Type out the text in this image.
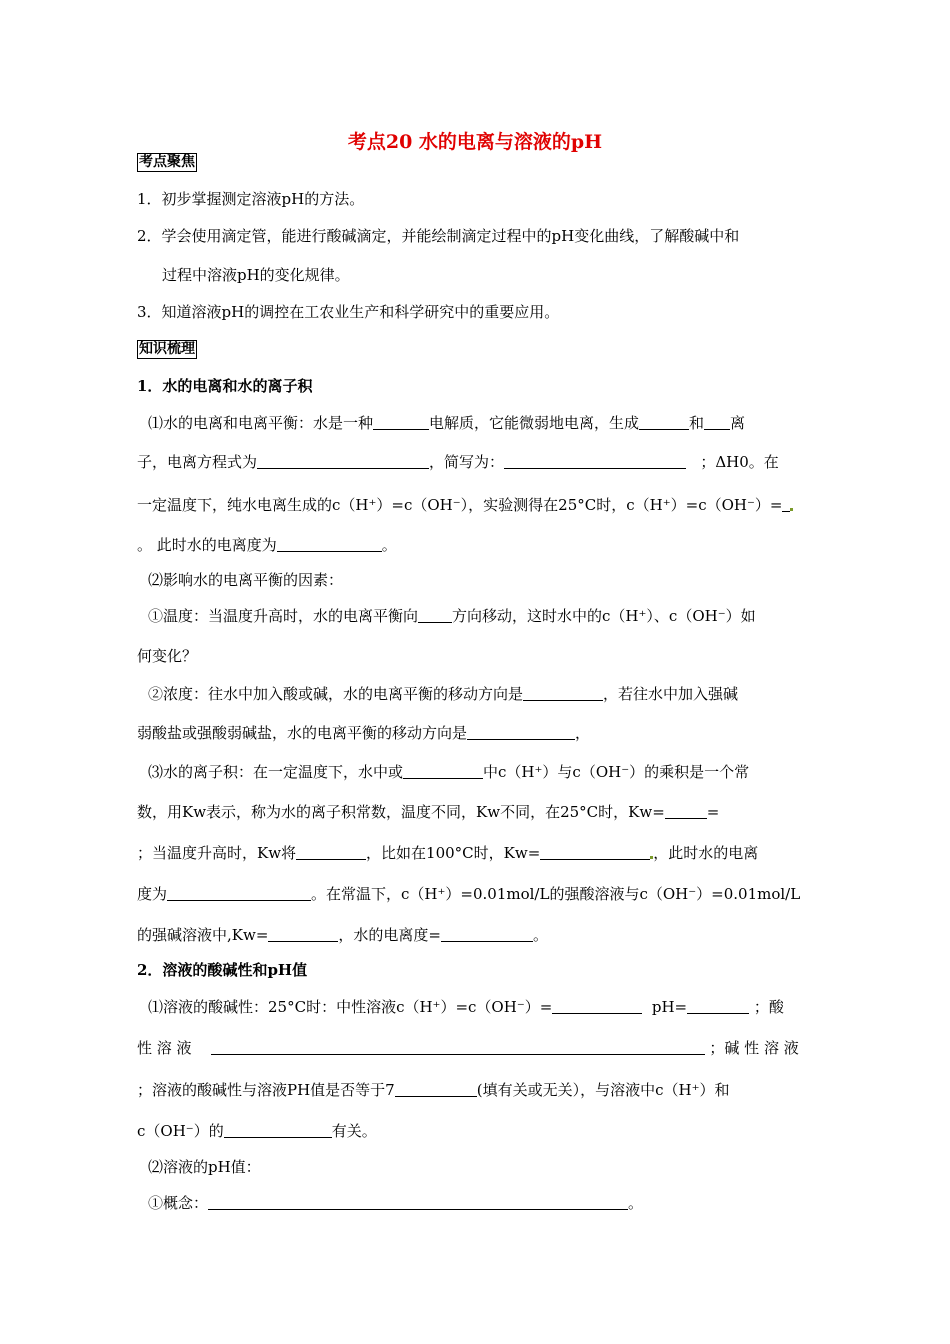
考点20 水的电离与溶液的pH
考点聚焦
1．初步掌握测定溶液pH的方法。
2．学会使用滴定管，能进行酸碱滴定，并能绘制滴定过程中的pH变化曲线，了解酸碱中和
过程中溶液pH的变化规律。
3．知道溶液pH的调控在工农业生产和科学研究中的重要应用。
知识梳理
1．水的电离和水的离子积
⑴水的电离和电离平衡：水是一种	电解质，它能微弱地电离，生成	和 离
子，电离方程式为	，简写为：	；ΔH0。在
一定温度下，纯水电离生成的c（H⁺）=c（OH⁻），实验测得在25°C时，c（H⁺）=c（OH⁻）=
。 此时水的电离度为	。
⑵影响水的电离平衡的因素：
①温度：当温度升高时，水的电离平衡向 方向移动，这时水中的c（H⁺）、c（OH⁻）如
何变化？
②浓度：往水中加入酸或碱，水的电离平衡的移动方向是	，若往水中加入强碱
弱酸盐或强酸弱碱盐，水的电离平衡的移动方向是	，
⑶水的离子积：在一定温度下，水中或	中c（H⁺）与c（OH⁻）的乘积是一个常
数，用Kw表示，称为水的离子积常数，温度不同，Kw不同，在25°C时，Kw=	=
；当温度升高时，Kw将	，比如在100°C时，Kw=	，此时水的电离
度为	。在常温下，c（H⁺）=0.01mol/L的强酸溶液与c（OH⁻）=0.01mol/L
的强碱溶液中,Kw=	，水的电离度=	。
2．溶液的酸碱性和pH值
⑴溶液的酸碱性：25°C时：中性溶液c（H⁺）=c（OH⁻）=	pH=	；酸
性 溶 液	；碱 性 溶 液
；溶液的酸碱性与溶液PH值是否等于7	(填有关或无关），与溶液中c（H⁺）和
c（OH⁻）的	有关。
⑵溶液的pH值：
①概念：	。
